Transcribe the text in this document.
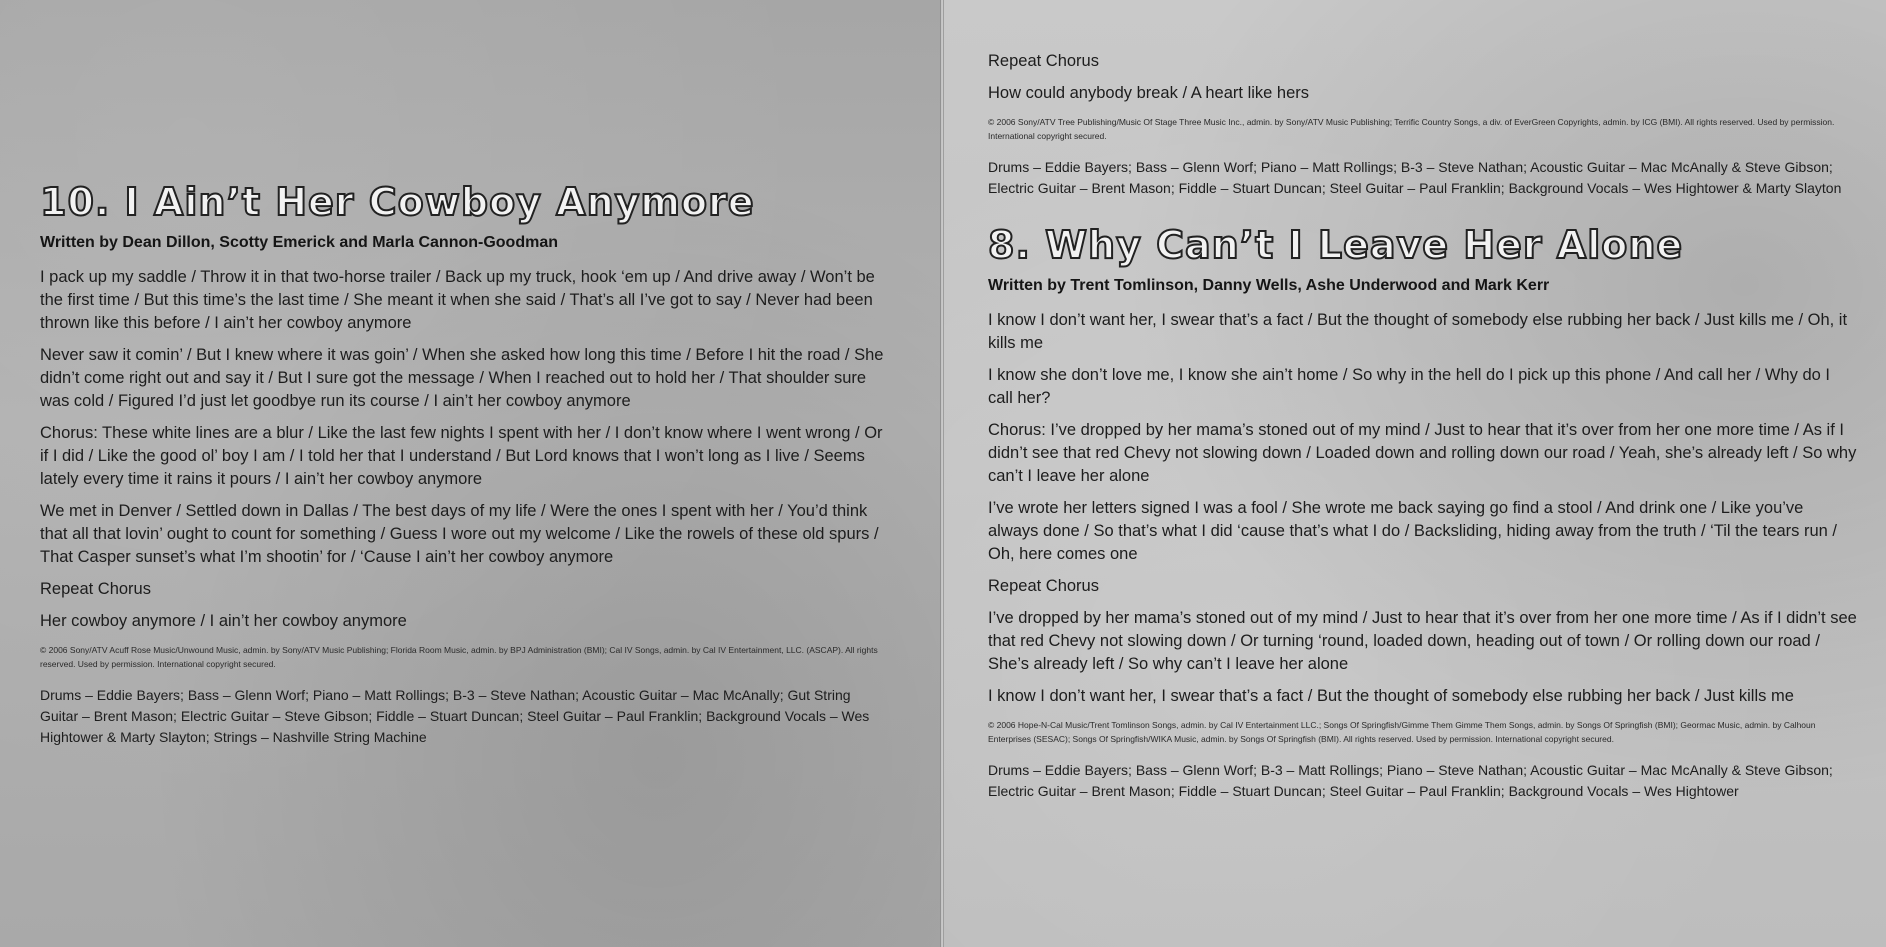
10. I Ain’t Her Cowboy Anymore
Written by Dean Dillon, Scotty Emerick and Marla Cannon-Goodman

I pack up my saddle / Throw it in that two-horse trailer / Back up my truck, hook ‘em up / And drive away / Won’t be the first time / But this time’s the last time / She meant it when she said / That’s all I’ve got to say / Never had been thrown like this before / I ain’t her cowboy anymore

Never saw it comin’ / But I knew where it was goin’ / When she asked how long this time / Before I hit the road / She didn’t come right out and say it / But I sure got the message / When I reached out to hold her / That shoulder sure was cold / Figured I’d just let goodbye run its course / I ain’t her cowboy anymore

Chorus: These white lines are a blur / Like the last few nights I spent with her / I don’t know where I went wrong / Or if I did / Like the good ol’ boy I am / I told her that I understand / But Lord knows that I won’t long as I live / Seems lately every time it rains it pours / I ain’t her cowboy anymore

We met in Denver / Settled down in Dallas / The best days of my life / Were the ones I spent with her / You’d think that all that lovin’ ought to count for something / Guess I wore out my welcome / Like the rowels of these old spurs / That Casper sunset’s what I’m shootin’ for / ‘Cause I ain’t her cowboy anymore

Repeat Chorus

Her cowboy anymore / I ain’t her cowboy anymore

© 2006 Sony/ATV Acuff Rose Music/Unwound Music, admin. by Sony/ATV Music Publishing; Florida Room Music, admin. by BPJ Administration (BMI); Cal IV Songs, admin. by Cal IV Entertainment, LLC. (ASCAP). All rights reserved. Used by permission. International copyright secured.

Drums – Eddie Bayers; Bass – Glenn Worf; Piano – Matt Rollings; B-3 – Steve Nathan; Acoustic Guitar – Mac McAnally; Gut String Guitar – Brent Mason; Electric Guitar – Steve Gibson; Fiddle – Stuart Duncan; Steel Guitar – Paul Franklin; Background Vocals – Wes Hightower & Marty Slayton; Strings – Nashville String Machine

Repeat Chorus

How could anybody break / A heart like hers

© 2006 Sony/ATV Tree Publishing/Music Of Stage Three Music Inc., admin. by Sony/ATV Music Publishing; Terrific Country Songs, a div. of EverGreen Copyrights, admin. by ICG (BMI). All rights reserved. Used by permission. International copyright secured.

Drums – Eddie Bayers; Bass – Glenn Worf; Piano – Matt Rollings; B-3 – Steve Nathan; Acoustic Guitar – Mac McAnally & Steve Gibson; Electric Guitar – Brent Mason; Fiddle – Stuart Duncan; Steel Guitar – Paul Franklin; Background Vocals – Wes Hightower & Marty Slayton

8. Why Can’t I Leave Her Alone
Written by Trent Tomlinson, Danny Wells, Ashe Underwood and Mark Kerr

I know I don’t want her, I swear that’s a fact / But the thought of somebody else rubbing her back / Just kills me / Oh, it kills me

I know she don’t love me, I know she ain’t home / So why in the hell do I pick up this phone / And call her / Why do I call her?

Chorus: I’ve dropped by her mama’s stoned out of my mind / Just to hear that it’s over from her one more time / As if I didn’t see that red Chevy not slowing down / Loaded down and rolling down our road / Yeah, she’s already left / So why can’t I leave her alone

I’ve wrote her letters signed I was a fool / She wrote me back saying go find a stool / And drink one / Like you’ve always done / So that’s what I did ‘cause that’s what I do / Backsliding, hiding away from the truth / ‘Til the tears run / Oh, here comes one

Repeat Chorus

I’ve dropped by her mama’s stoned out of my mind / Just to hear that it’s over from her one more time / As if I didn’t see that red Chevy not slowing down / Or turning ‘round, loaded down, heading out of town / Or rolling down our road / She’s already left / So why can’t I leave her alone

I know I don’t want her, I swear that’s a fact / But the thought of somebody else rubbing her back / Just kills me

© 2006 Hope-N-Cal Music/Trent Tomlinson Songs, admin. by Cal IV Entertainment LLC.; Songs Of Springfish/Gimme Them Gimme Them Songs, admin. by Songs Of Springfish (BMI); Geormac Music, admin. by Calhoun Enterprises (SESAC); Songs Of Springfish/WIKA Music, admin. by Songs Of Springfish (BMI). All rights reserved. Used by permission. International copyright secured.

Drums – Eddie Bayers; Bass – Glenn Worf; B-3 – Matt Rollings; Piano – Steve Nathan; Acoustic Guitar – Mac McAnally & Steve Gibson; Electric Guitar – Brent Mason; Fiddle – Stuart Duncan; Steel Guitar – Paul Franklin; Background Vocals – Wes Hightower
